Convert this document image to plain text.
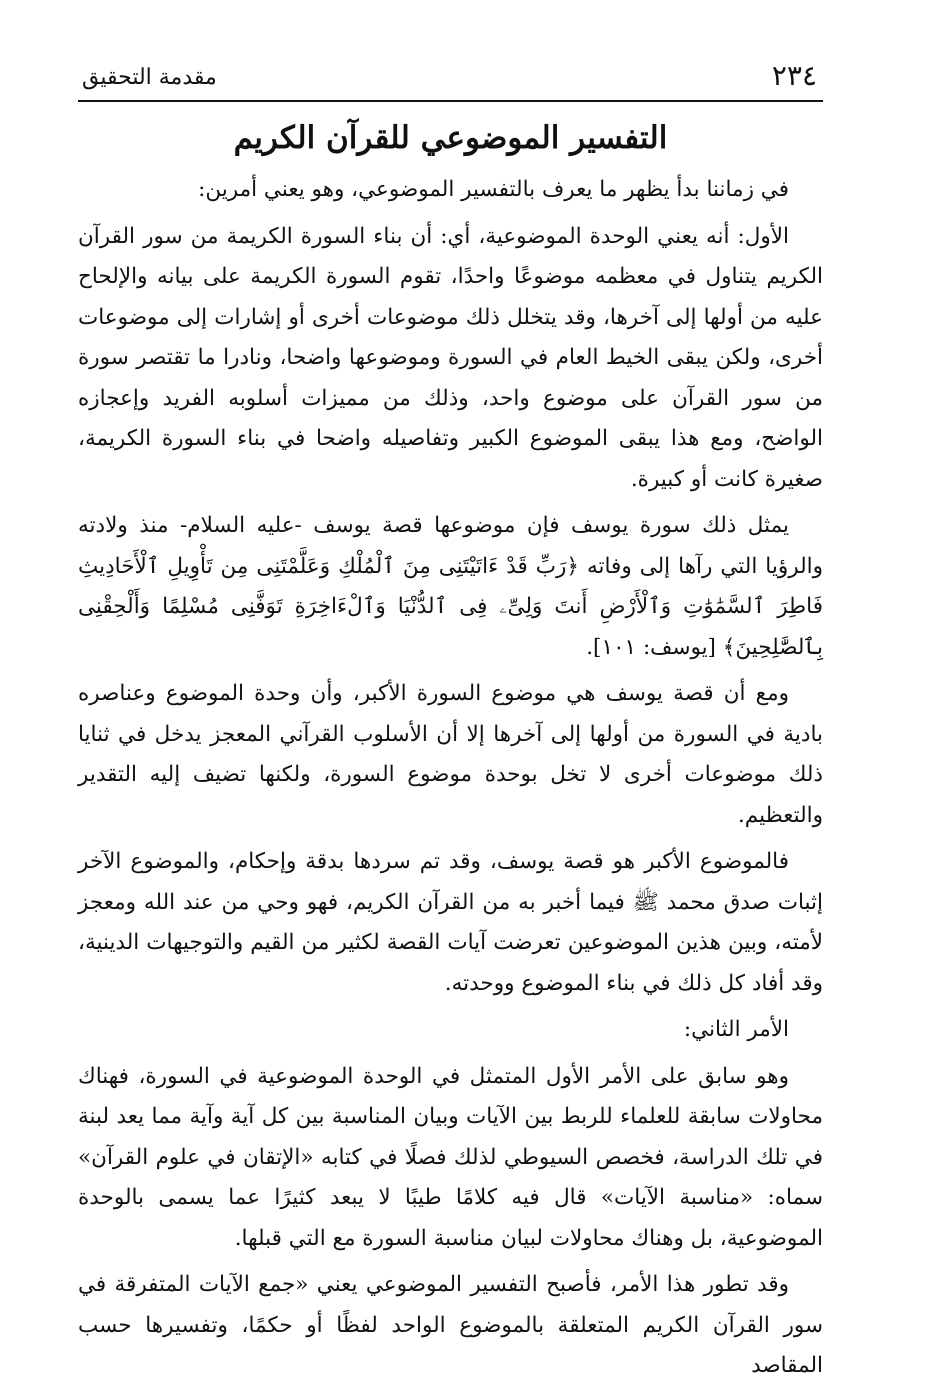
٢٣٤
مقدمة التحقيق
التفسير الموضوعي للقرآن الكريم

في زماننا بدأ يظهر ما يعرف بالتفسير الموضوعي، وهو يعني أمرين:

الأول: أنه يعني الوحدة الموضوعية، أي: أن بناء السورة الكريمة من سور القرآن الكريم يتناول في معظمه موضوعًا واحدًا، تقوم السورة الكريمة على بيانه والإلحاح عليه من أولها إلى آخرها، وقد يتخلل ذلك موضوعات أخرى أو إشارات إلى موضوعات أخرى، ولكن يبقى الخيط العام في السورة وموضوعها واضحا، ونادرا ما تقتصر سورة من سور القرآن على موضوع واحد، وذلك من مميزات أسلوبه الفريد وإعجازه الواضح، ومع هذا يبقى الموضوع الكبير وتفاصيله واضحا في بناء السورة الكريمة، صغيرة كانت أو كبيرة.

يمثل ذلك سورة يوسف فإن موضوعها قصة يوسف -عليه السلام- منذ ولادته والرؤيا التي رآها إلى وفاته ﴿رَبِّ قَدْ ءَاتَيْتَنِى مِنَ ٱلْمُلْكِ وَعَلَّمْتَنِى مِن تَأْوِيلِ ٱلْأَحَادِيثِ فَاطِرَ ٱلسَّمَٰوَٰتِ وَٱلْأَرْضِ أَنتَ وَلِىِّۦ فِى ٱلدُّنْيَا وَٱلْءَاخِرَةِ تَوَفَّنِى مُسْلِمًا وَأَلْحِقْنِى بِٱلصَّٰلِحِينَ﴾ [يوسف: ١٠١].

ومع أن قصة يوسف هي موضوع السورة الأكبر، وأن وحدة الموضوع وعناصره بادية في السورة من أولها إلى آخرها إلا أن الأسلوب القرآني المعجز يدخل في ثنايا ذلك موضوعات أخرى لا تخل بوحدة موضوع السورة، ولكنها تضيف إليه التقدير والتعظيم.

فالموضوع الأكبر هو قصة يوسف، وقد تم سردها بدقة وإحكام، والموضوع الآخر إثبات صدق محمد ﷺ فيما أخبر به من القرآن الكريم، فهو وحي من عند الله ومعجز لأمته، وبين هذين الموضوعين تعرضت آيات القصة لكثير من القيم والتوجيهات الدينية، وقد أفاد كل ذلك في بناء الموضوع ووحدته.

الأمر الثاني:

وهو سابق على الأمر الأول المتمثل في الوحدة الموضوعية في السورة، فهناك محاولات سابقة للعلماء للربط بين الآيات وبيان المناسبة بين كل آية وآية مما يعد لبنة في تلك الدراسة، فخصص السيوطي لذلك فصلًا في كتابه «الإتقان في علوم القرآن» سماه: «مناسبة الآيات» قال فيه كلامًا طيبًا لا يبعد كثيرًا عما يسمى بالوحدة الموضوعية، بل وهناك محاولات لبيان مناسبة السورة مع التي قبلها.

وقد تطور هذا الأمر، فأصبح التفسير الموضوعي يعني «جمع الآيات المتفرقة في سور القرآن الكريم المتعلقة بالموضوع الواحد لفظًا أو حكمًا، وتفسيرها حسب المقاصد
